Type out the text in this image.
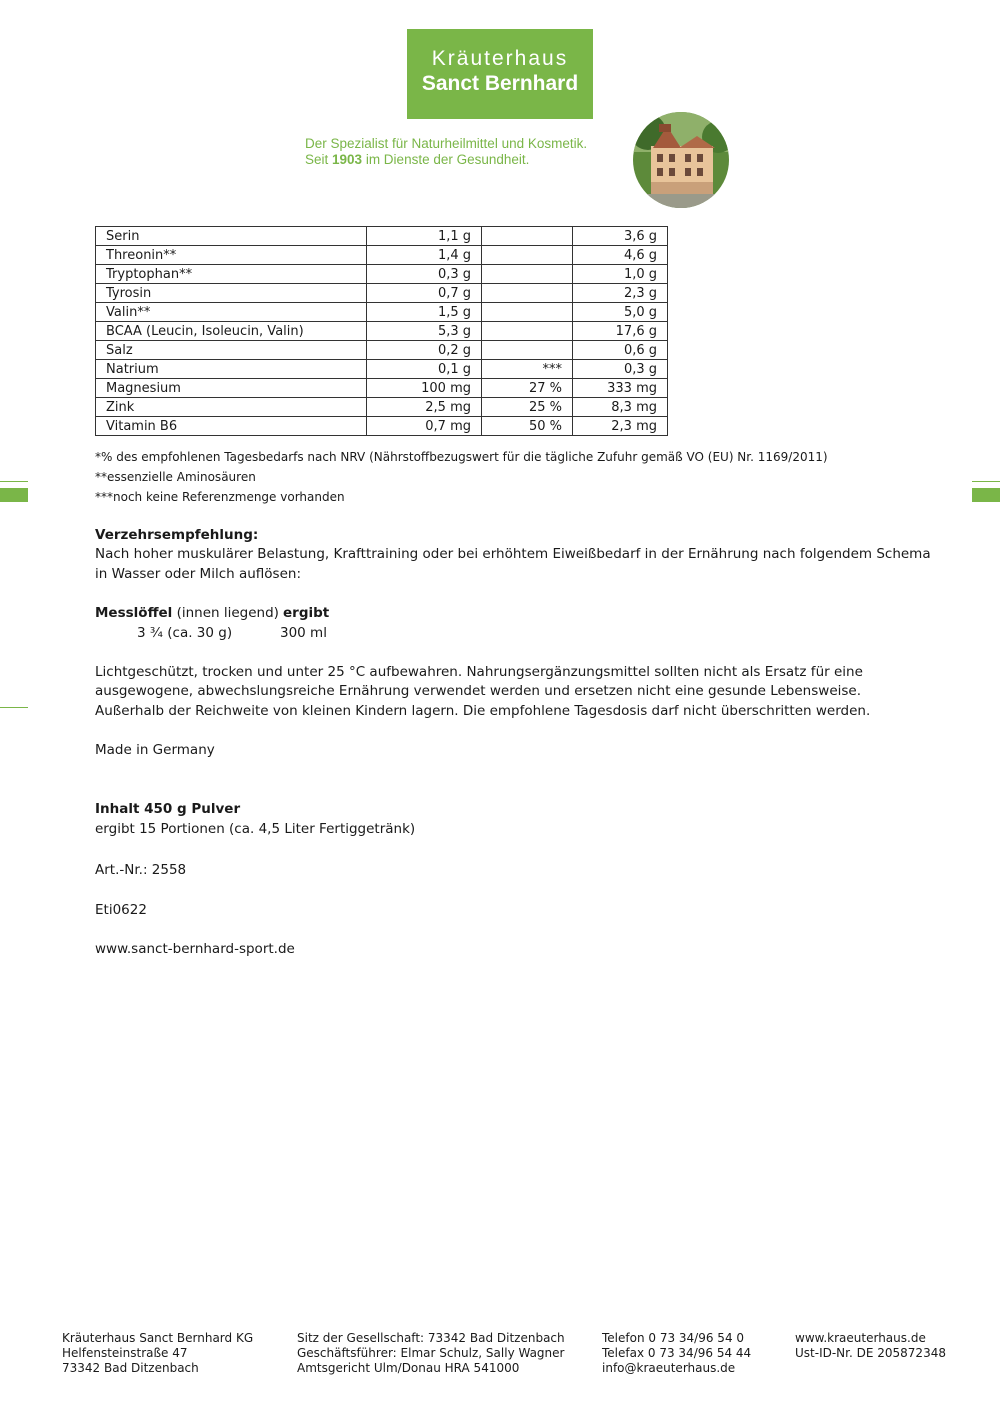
Kräuterhaus
Sanct Bernhard
Der Spezialist für Naturheilmittel und Kosmetik.
Seit 1903 im Dienste der Gesundheit.
Serin	1,1 g		3,6 g
Threonin**	1,4 g		4,6 g
Tryptophan**	0,3 g		1,0 g
Tyrosin	0,7 g		2,3 g
Valin**	1,5 g		5,0 g
BCAA (Leucin, Isoleucin, Valin)	5,3 g		17,6 g
Salz	0,2 g		0,6 g
Natrium	0,1 g	***	0,3 g
Magnesium	100 mg	27 %	333 mg
Zink	2,5 mg	25 %	8,3 mg
Vitamin B6	0,7 mg	50 %	2,3 mg
*% des empfohlenen Tagesbedarfs nach NRV (Nährstoffbezugswert für die tägliche Zufuhr gemäß VO (EU) Nr. 1169/2011)
**essenzielle Aminosäuren
***noch keine Referenzmenge vorhanden
Verzehrsempfehlung:
Nach hoher muskulärer Belastung, Krafttraining oder bei erhöhtem Eiweißbedarf in der Ernährung nach folgendem Schema
in Wasser oder Milch auflösen:
Messlöffel (innen liegend) ergibt
3 ¾ (ca. 30 g)	300 ml
Lichtgeschützt, trocken und unter 25 °C aufbewahren. Nahrungsergänzungsmittel sollten nicht als Ersatz für eine
ausgewogene, abwechslungsreiche Ernährung verwendet werden und ersetzen nicht eine gesunde Lebensweise.
Außerhalb der Reichweite von kleinen Kindern lagern. Die empfohlene Tagesdosis darf nicht überschritten werden.
Made in Germany
Inhalt 450 g Pulver
ergibt 15 Portionen (ca. 4,5 Liter Fertiggetränk)
Art.-Nr.: 2558
Eti0622
www.sanct-bernhard-sport.de
Kräuterhaus Sanct Bernhard KG
Helfensteinstraße 47
73342 Bad Ditzenbach
Sitz der Gesellschaft: 73342 Bad Ditzenbach
Geschäftsführer: Elmar Schulz, Sally Wagner
Amtsgericht Ulm/Donau HRA 541000
Telefon 0 73 34/96 54 0
Telefax 0 73 34/96 54 44
info@kraeuterhaus.de
www.kraeuterhaus.de
Ust-ID-Nr. DE 205872348
